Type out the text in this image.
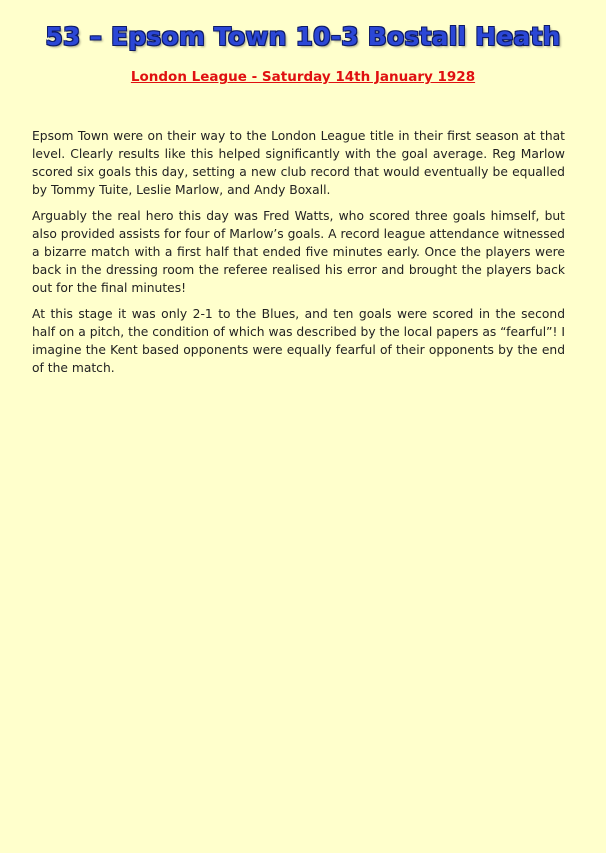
53 – Epsom Town 10-3 Bostall Heath
London League - Saturday 14th January 1928

Epsom Town were on their way to the London League title in their first season at that level. Clearly results like this helped significantly with the goal average. Reg Marlow scored six goals this day, setting a new club record that would eventually be equalled by Tommy Tuite, Leslie Marlow, and Andy Boxall.

Arguably the real hero this day was Fred Watts, who scored three goals himself, but also provided assists for four of Marlow’s goals. A record league attendance witnessed a bizarre match with a first half that ended five minutes early. Once the players were back in the dressing room the referee realised his error and brought the players back out for the final minutes!

At this stage it was only 2-1 to the Blues, and ten goals were scored in the second half on a pitch, the condition of which was described by the local papers as “fearful”! I imagine the Kent based opponents were equally fearful of their opponents by the end of the match.
